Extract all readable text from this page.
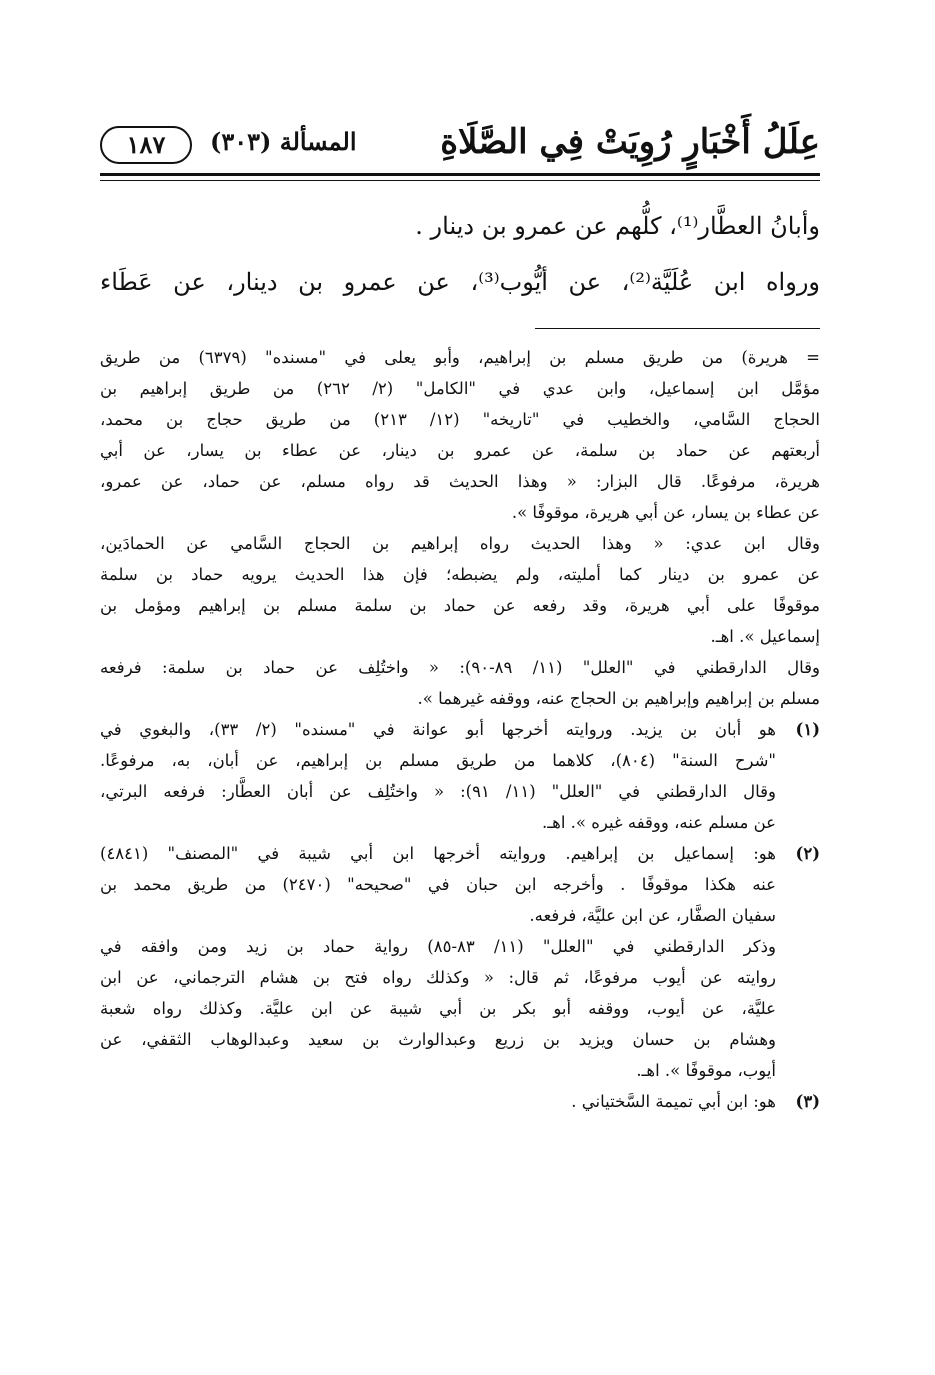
عِلَلُ أَخْبَارٍ رُوِيَتْ فِي الصَّلَاةِ
المسألة (٣٠٣)
١٨٧
وأبانُ العطَّار⁽¹⁾، كلُّهم عن عمرو بن دينار .
ورواه ابن عُلَيَّة⁽²⁾، عن أيُّوب⁽³⁾، عن عمرو بن دينار، عن عَطَاء
= هريرة) من طريق مسلم بن إبراهيم، وأبو يعلى في "مسنده" (٦٣٧٩) من طريق
مؤمَّل ابن إسماعيل، وابن عدي في "الكامل" (٢/ ٢٦٢) من طريق إبراهيم بن
الحجاج السَّامي، والخطيب في "تاريخه" (١٢/ ٢١٣) من طريق حجاج بن محمد،
أربعتهم عن حماد بن سلمة، عن عمرو بن دينار، عن عطاء بن يسار، عن أبي
هريرة، مرفوعًا. قال البزار: « وهذا الحديث قد رواه مسلم، عن حماد، عن عمرو،
عن عطاء بن يسار، عن أبي هريرة، موقوفًا ».
وقال ابن عدي: « وهذا الحديث رواه إبراهيم بن الحجاج السَّامي عن الحمادَين،
عن عمرو بن دينار كما أمليته، ولم يضبطه؛ فإن هذا الحديث يرويه حماد بن سلمة
موقوفًا على أبي هريرة، وقد رفعه عن حماد بن سلمة مسلم بن إبراهيم ومؤمل بن
إسماعيل ». اهـ.
وقال الدارقطني في "العلل" (١١/ ٨٩-٩٠): « واختُلِف عن حماد بن سلمة: فرفعه
مسلم بن إبراهيم وإبراهيم بن الحجاج عنه، ووقفه غيرهما ».
(١)
هو أبان بن يزيد. وروايته أخرجها أبو عوانة في "مسنده" (٢/ ٣٣)، والبغوي في
"شرح السنة" (٨٠٤)، كلاهما من طريق مسلم بن إبراهيم، عن أبان، به، مرفوعًا.
وقال الدارقطني في "العلل" (١١/ ٩١): « واختُلِف عن أبان العطَّار: فرفعه البرتي،
عن مسلم عنه، ووقفه غيره ». اهـ.
(٢)
هو: إسماعيل بن إبراهيم. وروايته أخرجها ابن أبي شيبة في "المصنف" (٤٨٤١)
عنه هكذا موقوفًا . وأخرجه ابن حبان في "صحيحه" (٢٤٧٠) من طريق محمد بن
سفيان الصفَّار، عن ابن عليَّة، فرفعه.
وذكر الدارقطني في "العلل" (١١/ ٨٣-٨٥) رواية حماد بن زيد ومن وافقه في
روايته عن أيوب مرفوعًا، ثم قال: « وكذلك رواه فتح بن هشام الترجماني، عن ابن
عليَّة، عن أيوب، ووقفه أبو بكر بن أبي شيبة عن ابن عليَّة. وكذلك رواه شعبة
وهشام بن حسان ويزيد بن زريع وعبدالوارث بن سعيد وعبدالوهاب الثقفي، عن
أيوب، موقوفًا ». اهـ.
(٣)
هو: ابن أبي تميمة السَّختياني .
